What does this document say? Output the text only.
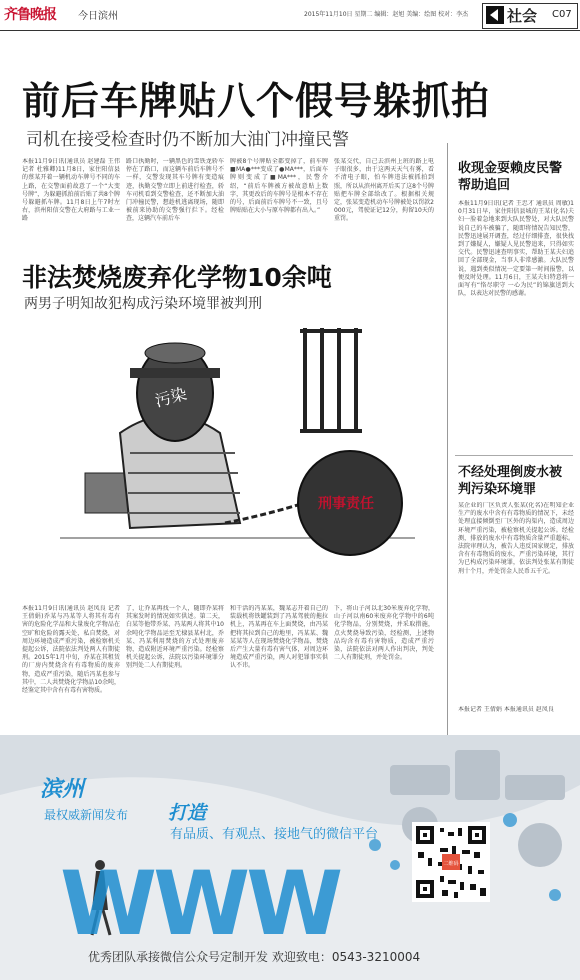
齐鲁晚报 今日滨州	2015年11月10日 星期二 编辑：赵旭 美编：绘图 校对：李杰	社会 C07
前后车牌贴八个假号躲抓拍
司机在接受检查时仍不断加大油门冲撞民警
本报11月9日讯(通讯员 赵建磊 王伟 记者 杜雅卿)11月8日，家住阳信县的蔡某开着一辆机动车牌号不同的车上路，在交警面前故意了一个“大变号牌”，为躲避抓拍前后贴了共8个牌号躲避抓车牌。11月8日上午7时左右，滨州阳信交警在大府路与工业一路
路口执勤时，一辆黑色的雪铁龙轿车停在了路口，而这辆车前后车牌号不一样，交警发现其车号牌有变造痕迹，执勤交警立即上前进行检查，轿车司机看到交警检查，还不断加大油门冲撞民警，想趁机逃离现场，随即被前来协助的交警强行拦下。经检查，这辆汽车前后车
牌被8个号牌贴全都变掉了，前车牌■MA●***变成了●MA***，后面车牌则变成了■MA***，民警介绍，“前后车牌被方被故意贴上数字，其更改后的车牌号是根本不存在的号，后面前后车牌号不一致，且号牌贴贴在大小与原车牌都有出入。”
张某交代，自己去滨州上班的路上电子眼很多，由于这两天天气有雾，看不清电子眼，怕车牌违法被抓拍到照，所以从滨州离开后买了这8个号牌贴把车牌全部给改了。根据相关规定，张某变造机动车号牌被处以罚款2000元，驾驶证记12分，拘留10天的重罚。
非法焚烧废弃化学物10余吨
两男子明知故犯构成污染环境罪被判刑
污染
刑事责任
本报11月9日讯(通讯员 赵凤良 记者 王倩娟)乔某与冯某等人将其有毒有害的危险化学品和大量废化学物品在空旷和危险的露天处，私自焚烧，对周边环境造成严重污染，被检察机关提起公诉，法院依法判处两人有期徒刑。2015年1月中旬，乔某在其租赁的厂房内焚烧含有有毒物质的废弃物，造成严重污染，随后冯某也参与其中，二人共焚烧化学物品10余吨，经鉴定其中含有有毒有害物质。
了，让乔某再找一个人，随即乔某将其案发时的情况如实供述。第二天，白某等他带乔某、冯某两人将其中10余吨化学物品运至无棣县某村北，乔某、冯某利用焚烧的方式处理废弃物，造成附近环境严重污染。经检察机关提起公诉，法院以污染环境罪分别判处二人有期徒刑。
和干活的冯某某，魏某志开着自己的装载机将铁罐装到了冯某驾驶的拖拉机上，冯某再在车上面焚烧，由冯某把将其拉到自己的地里，冯某某、魏某某等人在现场焚烧化学物品，焚烧后产生大量有毒有害气体，对周边环境造成严重污染，两人对犯罪事实供认不讳。
下，将山子河以北30米废弃化学物，山子河以南60米废弃化学物中的6吨化学物品，分别焚烧，并采取措施，点火焚烧导致污染，经检测，上述物品均含有毒有害物质，造成严重污染，法院依法对两人作出判决，判处二人有期徒刑，并处罚金。
收现金耍赖皮民警帮助追回
本报11月9日讯(记者 王忠才 通讯员 周敏)10月31日早，家住阳信县城的王某(化名)夫妇一脸着急地来到大队民警处，对大队民警说自己的车被骗了，随即将情况告知民警，民警迅速展开调查，经过仔细排查，很快找到了嫌疑人，嫌疑人见民警追来，只得如实交代。民警迅速查明事实，帮助王某夫妇追回了全部现金，当事人非常感激。大队民警说，遇到类似情况一定要第一时间报警，以便及时处理。11月6日，王某夫妇特意将一面写有“恪尽职守 一心为民”的锦旗送到大队，以表达对民警的感谢。
不经处理倒废水被判污染环境罪
某企业的厂区负责人张某(化名)在明知企业生产的废水中含有有毒物质的情况下，未经处理直接倾倒至厂区外的沟渠内，造成周边环境严重污染，被检察机关提起公诉。经检测，排放的废水中有毒物质含量严重超标。法院审理认为，被告人违反国家规定，排放含有有毒物质的废水，严重污染环境，其行为已构成污染环境罪，依法判处张某有期徒刑十个月，并处罚金人民币五千元。
本报记者 王倩娟 本报通讯员 赵凤良
滨州
最权威新闻发布 打造
有品质、有观点、接地气的微信平台
WWW	二维码
优秀团队承接微信公众号定制开发 欢迎致电：0543-3210004
